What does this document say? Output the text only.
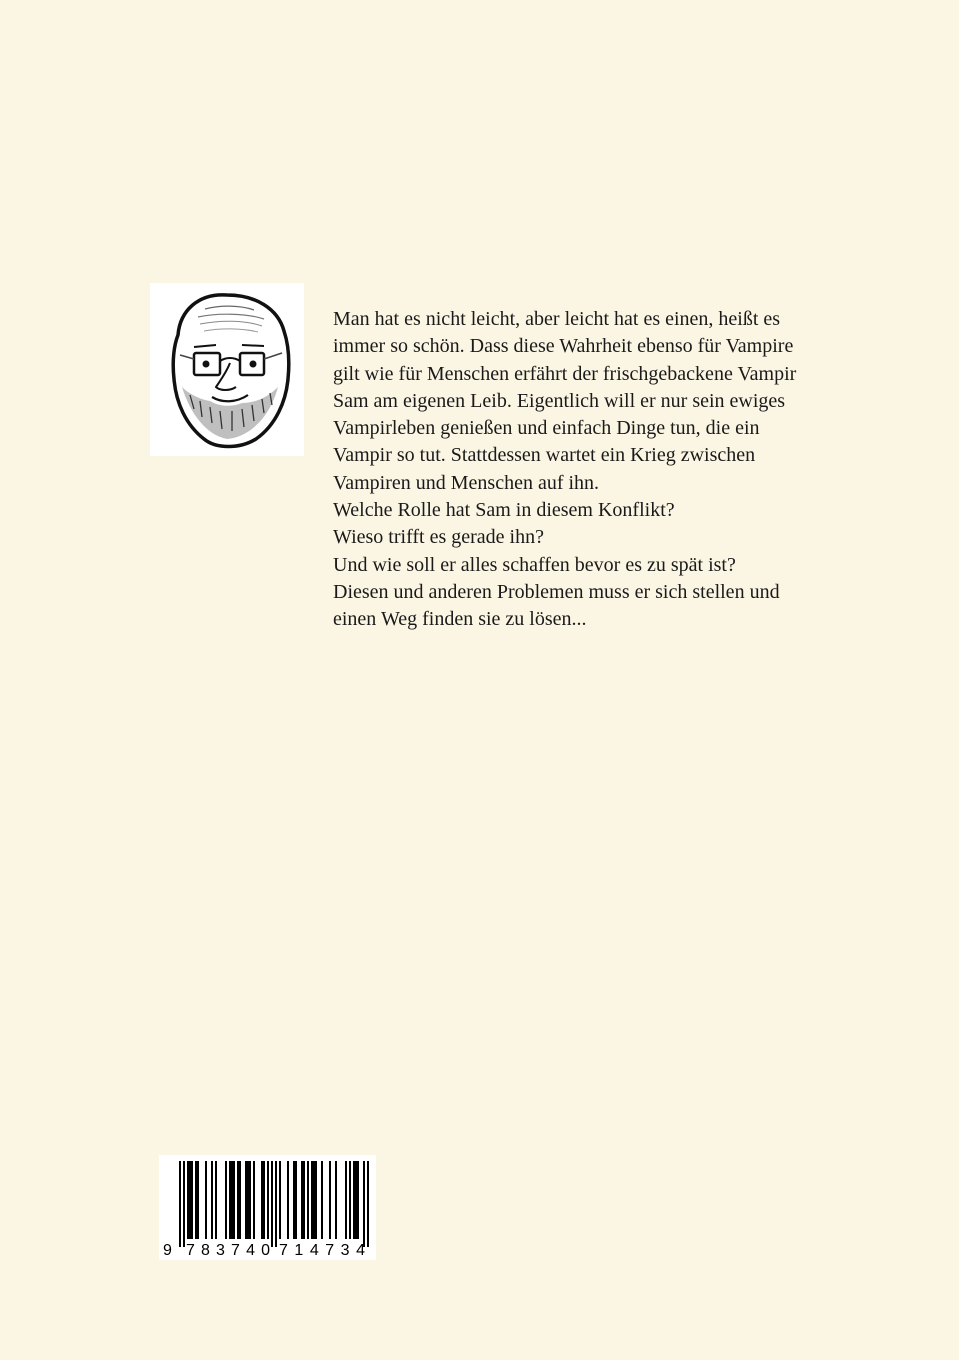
Man hat es nicht leicht, aber leicht hat es einen, heißt es immer so schön. Dass diese Wahrheit ebenso für Vampire gilt wie für Menschen erfährt der frischgebackene Vampir Sam am eigenen Leib. Eigentlich will er nur sein ewiges Vampirleben genießen und einfach Dinge tun, die ein Vampir so tut. Stattdessen wartet ein Krieg zwischen Vampiren und Menschen auf ihn.

Welche Rolle hat Sam in diesem Konflikt?

Wieso trifft es gerade ihn?

Und wie soll er alles schaffen bevor es zu spät ist?

Diesen und anderen Problemen muss er sich stellen und einen Weg finden sie zu lösen...

9 783740 714734
